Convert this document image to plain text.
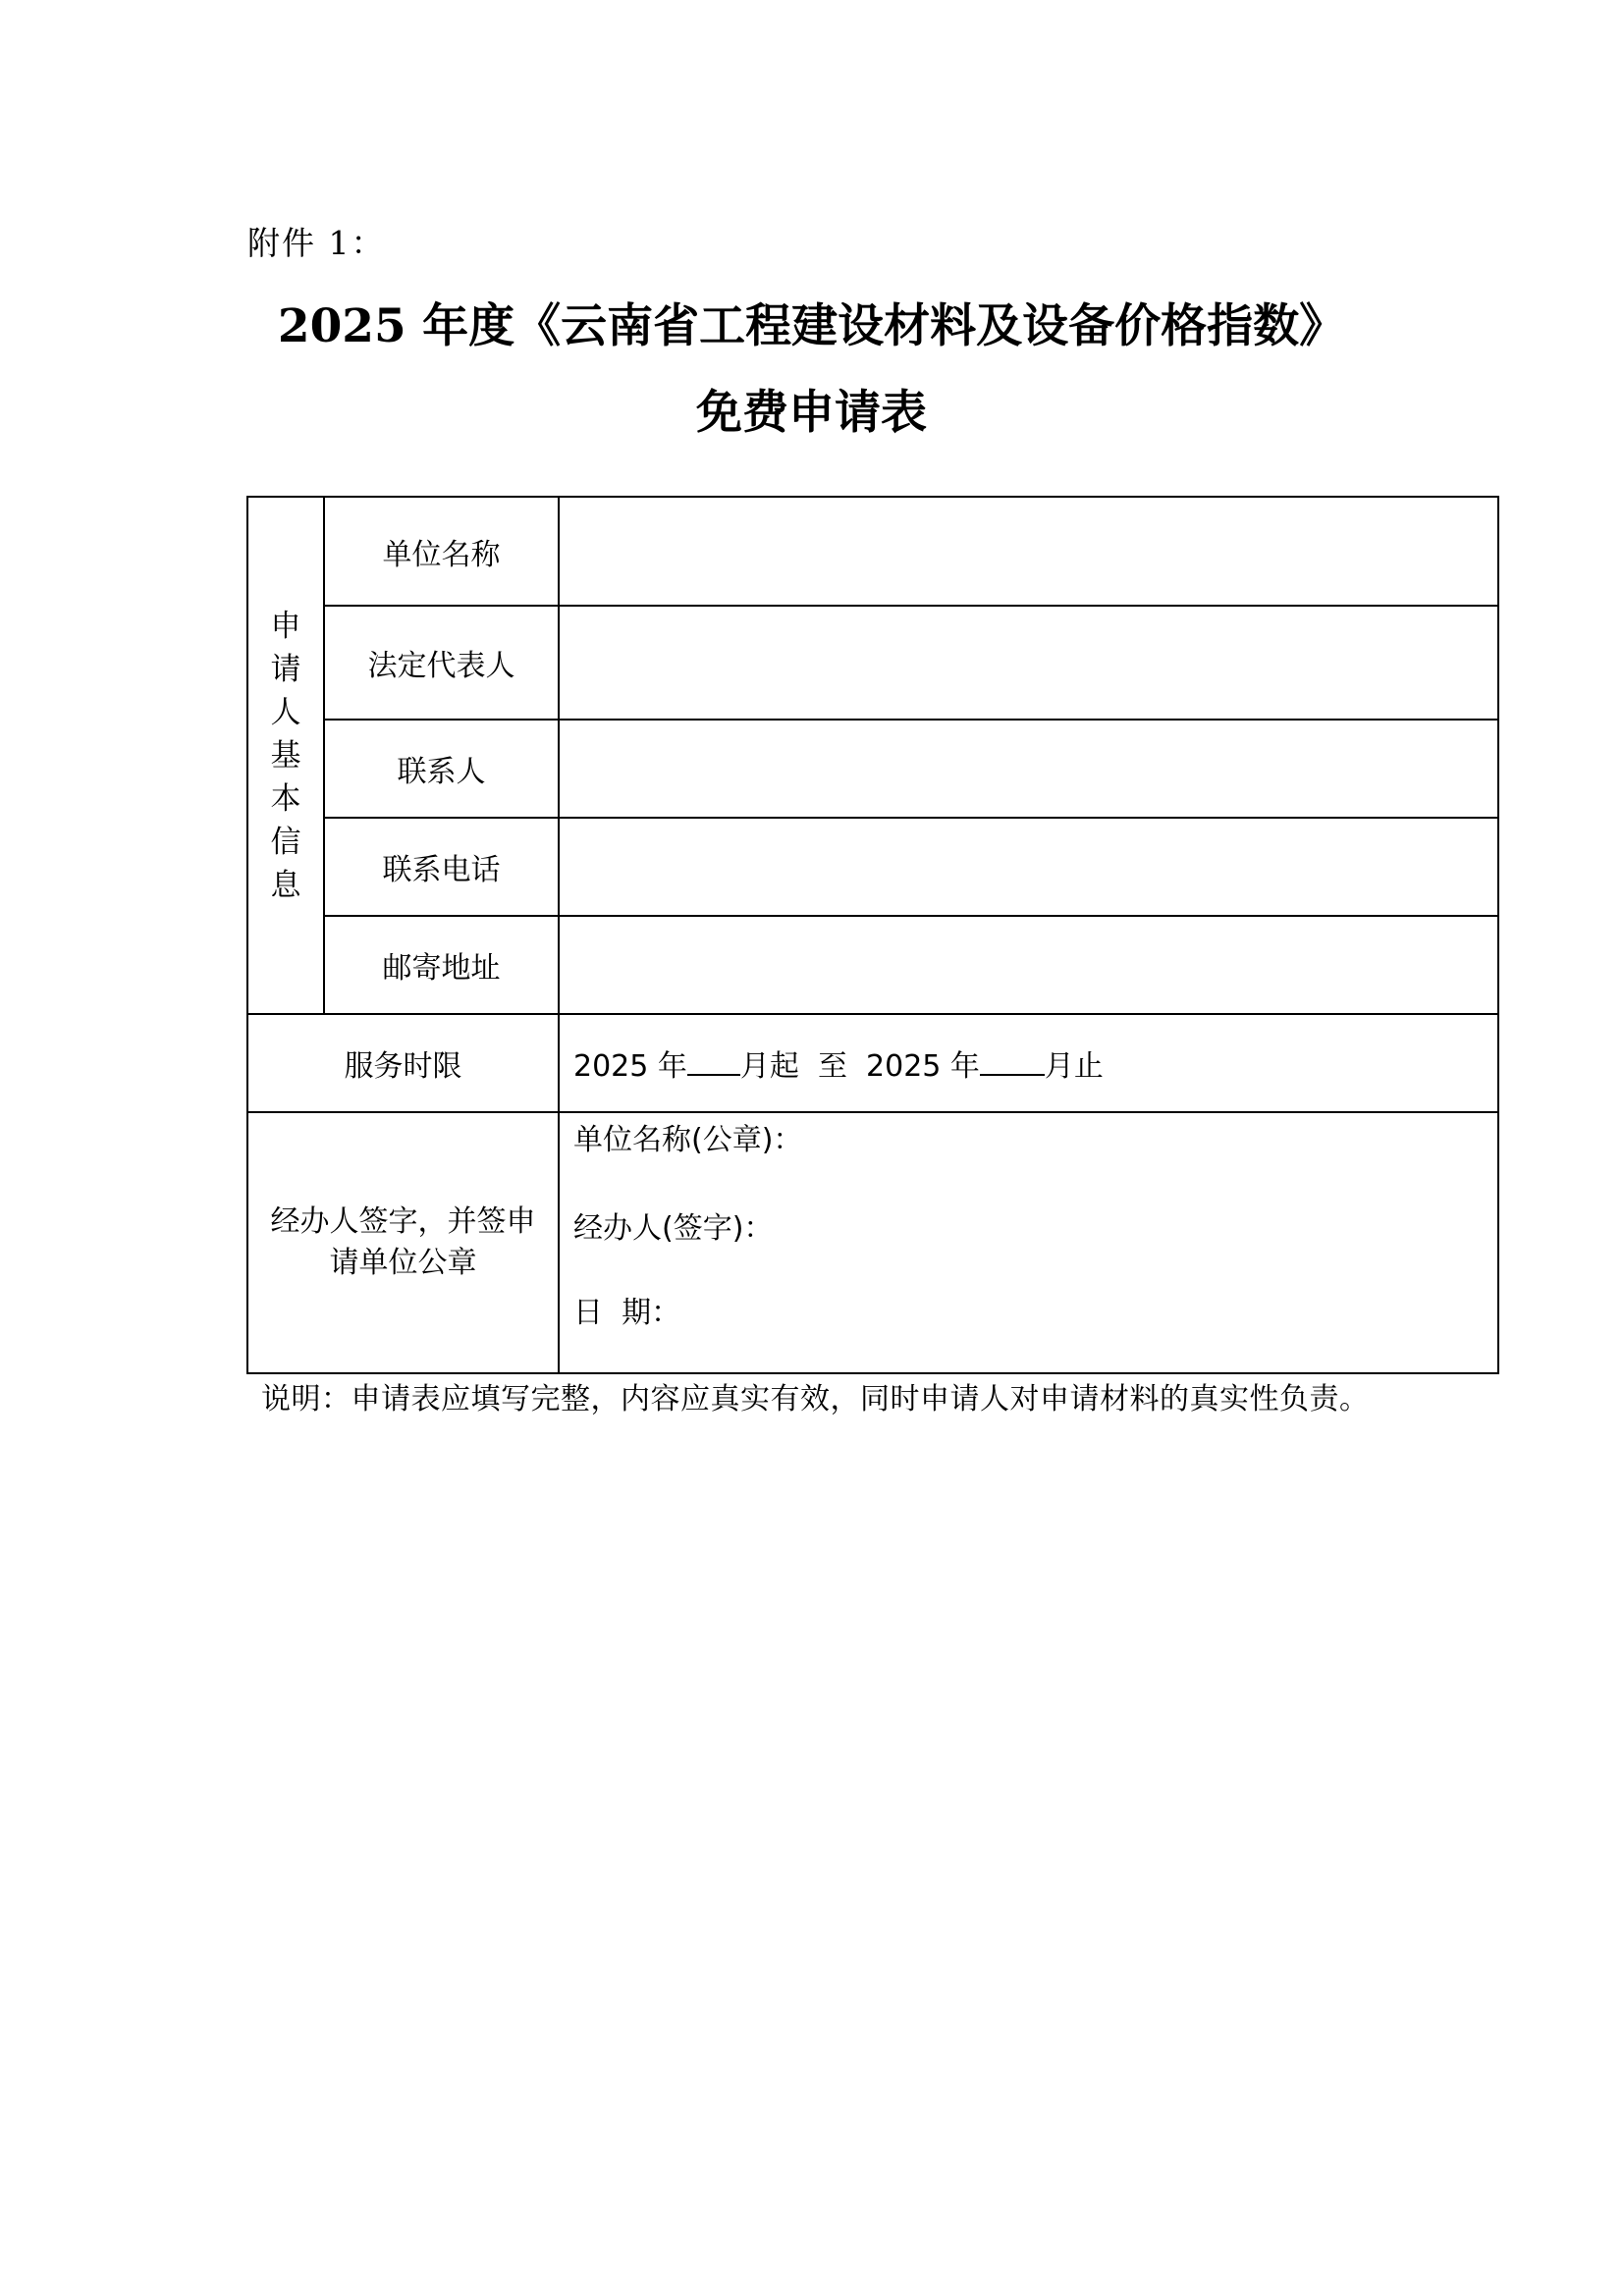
附件 1：
2025 年度《云南省工程建设材料及设备价格指数》
免费申请表
申请人基本信息	单位名称	
	法定代表人	
	联系人	
	联系电话	
	邮寄地址	
服务时限		2025 年 月起  至  2025 年 月止
经办人签字，并签申请单位公章		单位名称(公章)：
经办人(签字)：
日  期：
说明：申请表应填写完整，内容应真实有效，同时申请人对申请材料的真实性负责。
